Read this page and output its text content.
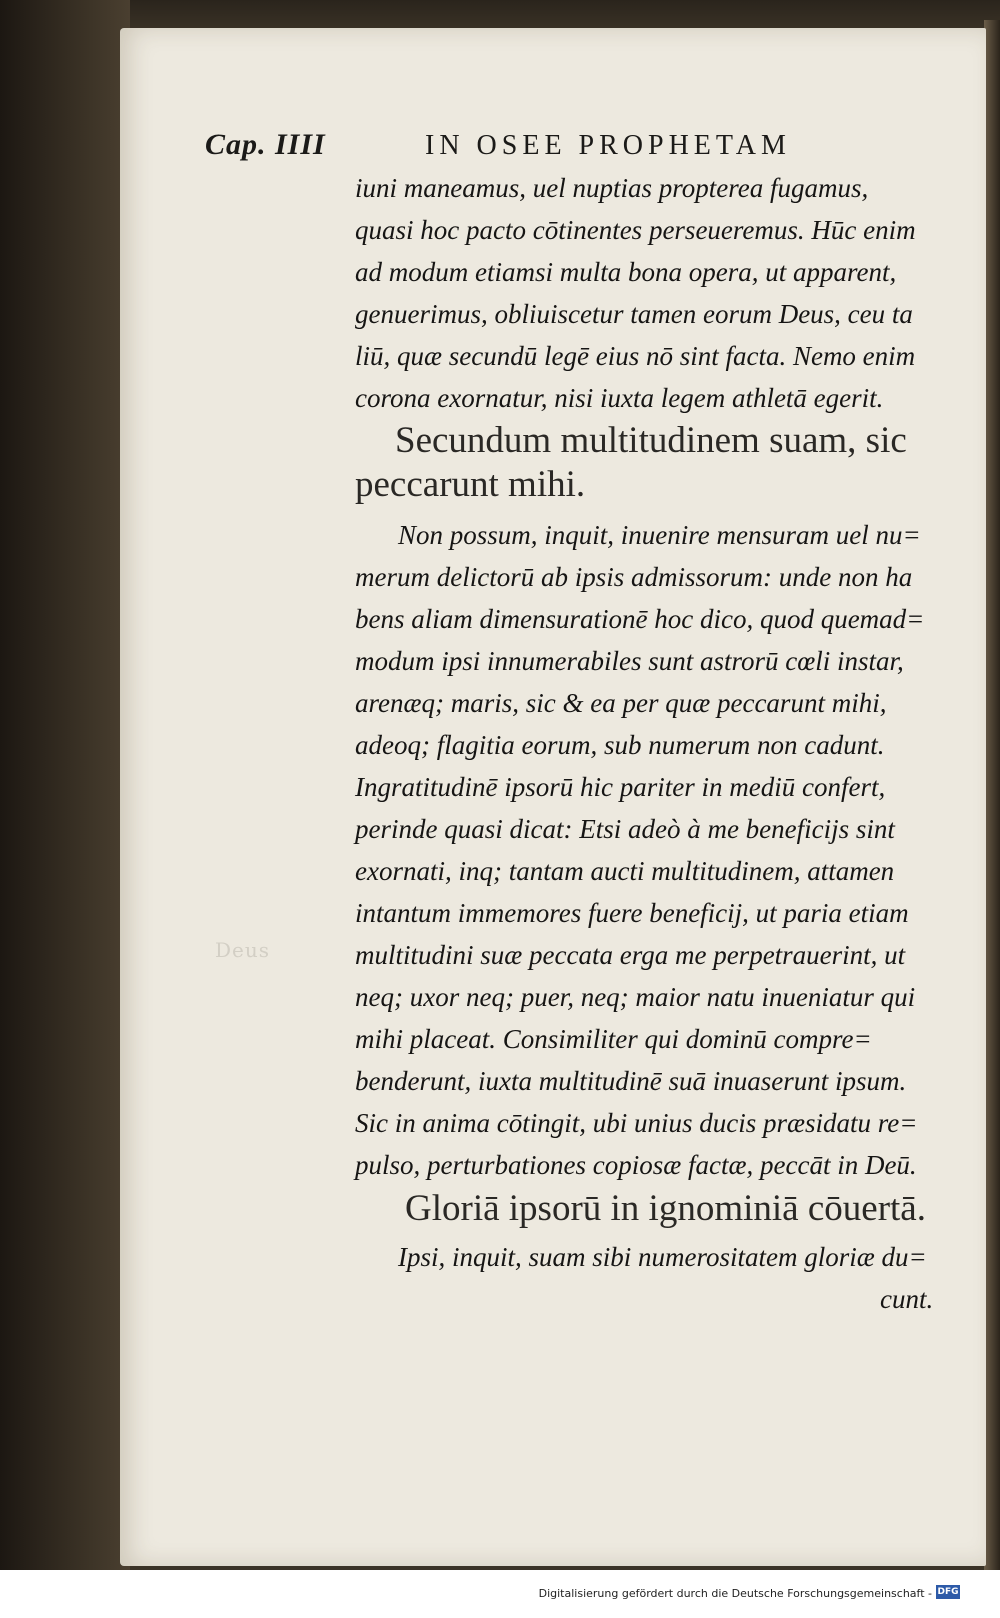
Deus
Cap. IIII	IN OSEE PROPHETAM
iuni maneamus, uel nuptias propterea fugamus,
quasi hoc pacto cōtinentes perseueremus. Hūc enim
ad modum etiamsi multa bona opera, ut apparent,
genuerimus, obliuiscetur tamen eorum Deus, ceu ta
liū, quæ secundū legē eius nō sint facta. Nemo enim
corona exornatur, nisi iuxta legem athletā egerit.
Secundum multitudinem suam, sic
peccarunt mihi.
Non possum, inquit, inuenire mensuram uel nu=
merum delictorū ab ipsis admissorum: unde non ha
bens aliam dimensurationē hoc dico, quod quemad=
modum ipsi innumerabiles sunt astrorū cœli instar,
arenæq; maris, sic & ea per quæ peccarunt mihi,
adeoq; flagitia eorum, sub numerum non cadunt.
Ingratitudinē ipsorū hic pariter in mediū confert,
perinde quasi dicat: Etsi adeò à me beneficijs sint
exornati, inq; tantam aucti multitudinem, attamen
intantum immemores fuere beneficij, ut paria etiam
multitudini suæ peccata erga me perpetrauerint, ut
neq; uxor neq; puer, neq; maior natu inueniatur qui
mihi placeat. Consimiliter qui dominū compre=
benderunt, iuxta multitudinē suā inuaserunt ipsum.
Sic in anima cōtingit, ubi unius ducis præsidatu re=
pulso, perturbationes copiosæ factæ, peccāt in Deū.
Gloriā ipsorū in ignominiā cōuertā.
Ipsi, inquit, suam sibi numerositatem gloriæ du=
cunt.
Digitalisierung gefördert durch die Deutsche Forschungsgemeinschaft - DFG
